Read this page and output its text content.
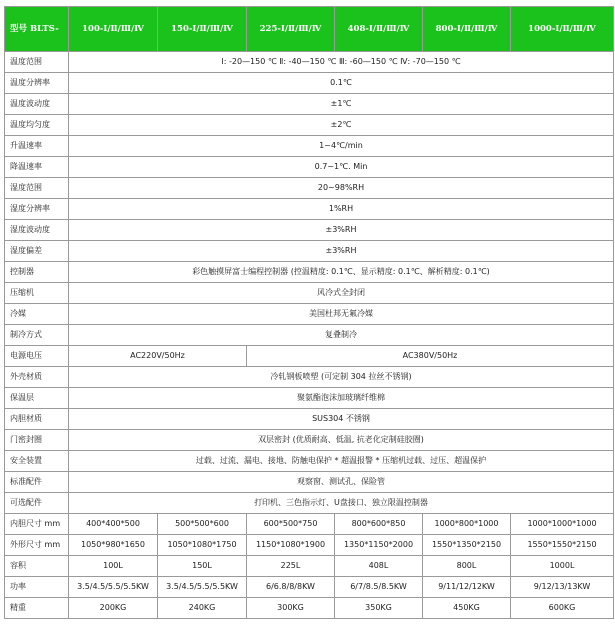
型号 BLTS-	100-Ⅰ/Ⅱ/Ⅲ/Ⅳ	150-Ⅰ/Ⅱ/Ⅲ/Ⅳ	225-Ⅰ/Ⅱ/Ⅲ/Ⅳ	408-Ⅰ/Ⅱ/Ⅲ/Ⅳ	800-Ⅰ/Ⅱ/Ⅲ/Ⅳ	1000-Ⅰ/Ⅱ/Ⅲ/Ⅳ
温度范围	Ⅰ: -20—150 ℃ Ⅱ: -40—150 ℃ Ⅲ: -60—150 ℃ Ⅳ: -70—150 ℃					
温度分辨率	0.1℃					
温度波动度	±1℃					
温度均匀度	±2℃					
升温速率	1~4℃/min					
降温速率	0.7~1℃. Min					
湿度范围	20~98%RH					
湿度分辨率	1%RH					
湿度波动度	±3%RH					
湿度偏差	±3%RH					
控制器	彩色触摸屏富士编程控制器 (控温精度: 0.1℃、显示精度: 0.1℃、解析精度: 0.1℃)					
压缩机	风冷式全封闭					
冷媒	美国杜邦无氟冷媒					
制冷方式	复叠制冷					
电源电压	AC220V/50Hz		AC380V/50Hz			
外壳材质	冷轧钢板喷塑 (可定制 304 拉丝不锈钢)					
保温层	聚氨酯泡沫加玻璃纤维棉					
内胆材质	SUS304 不锈钢					
门密封圈	双层密封 (优质耐高、低温, 抗老化定制硅胶圈)					
安全装置	过载、过流、漏电、接地、防触电保护 * 超温报警 * 压缩机过载、过压、超温保护					
标准配件	观察窗、测试孔、保险管					
可选配件	打印机、三色指示灯、U盘接口、独立限温控制器					
内胆尺寸 mm	400*400*500	500*500*600	600*500*750	800*600*850	1000*800*1000	1000*1000*1000
外形尺寸 mm	1050*980*1650	1050*1080*1750	1150*1080*1900	1350*1150*2000	1550*1350*2150	1550*1550*2150
容积	100L	150L	225L	408L	800L	1000L
功率	3.5/4.5/5.5/5.5KW	3.5/4.5/5.5/5.5KW	6/6.8/8/8KW	6/7/8.5/8.5KW	9/11/12/12KW	9/12/13/13KW
精重	200KG	240KG	300KG	350KG	450KG	600KG
